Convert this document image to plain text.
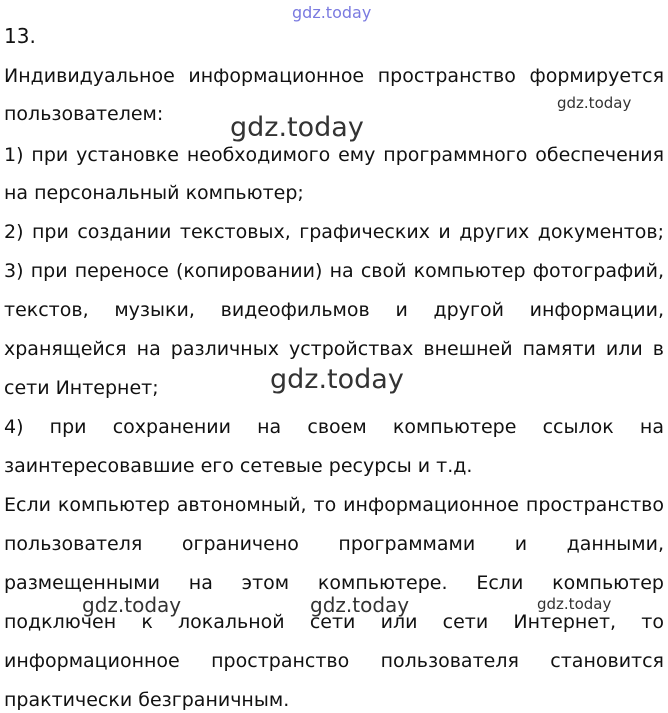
13.
Индивидуальное информационное пространство формируется
пользователем:
1) при установке необходимого ему программного обеспечения
на персональный компьютер;
2) при создании текстовых, графических и других документов;
3) при переносе (копировании) на свой компьютер фотографий,
текстов, музыки, видеофильмов и другой информации,
хранящейся на различных устройствах внешней памяти или в
сети Интернет;
4) при сохранении на своем компьютере ссылок на
заинтересовавшие его сетевые ресурсы и т.д.
Если компьютер автономный, то информационное пространство
пользователя ограничено программами и данными,
размещенными на этом компьютере. Если компьютер
подключен к локальной сети или сети Интернет, то
информационное пространство пользователя становится
практически безграничным.
gdz.today
gdz.today
gdz.today
gdz.today
gdz.today	gdz.today	gdz.today
